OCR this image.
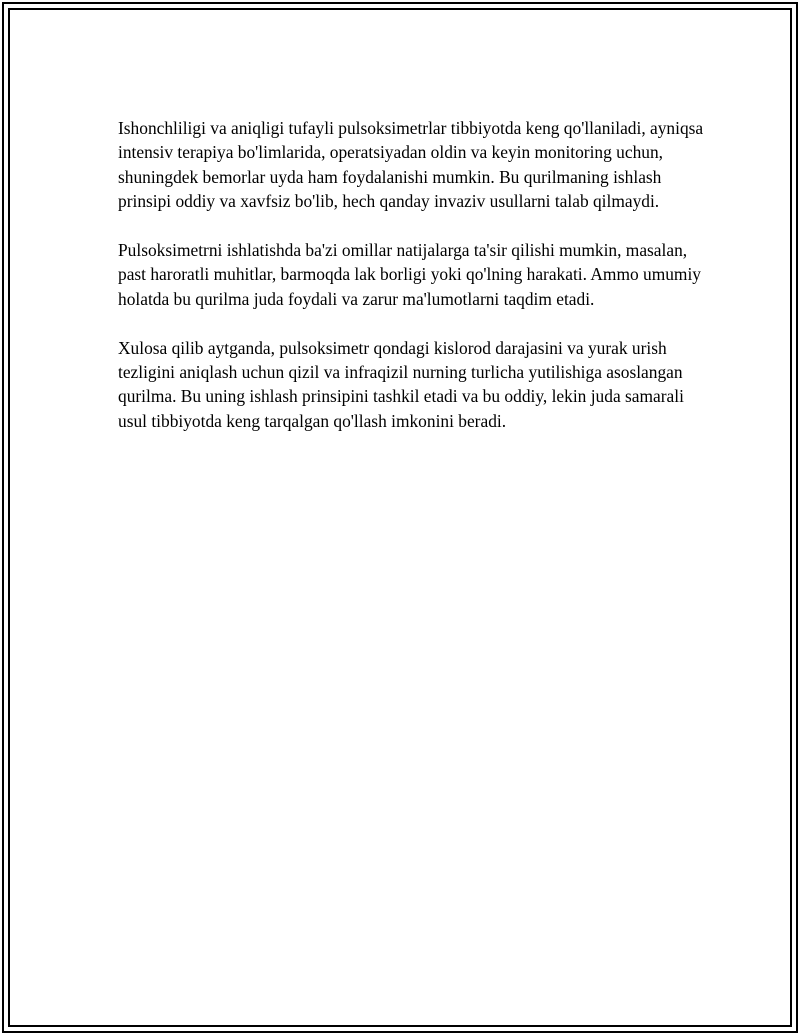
Ishonchliligi va aniqligi tufayli pulsoksimetrlar tibbiyotda keng qo'llaniladi, ayniqsa intensiv terapiya bo'limlarida, operatsiyadan oldin va keyin monitoring uchun, shuningdek bemorlar uyda ham foydalanishi mumkin. Bu qurilmaning ishlash prinsipi oddiy va xavfsiz bo'lib, hech qanday invaziv usullarni talab qilmaydi.

Pulsoksimetrni ishlatishda ba'zi omillar natijalarga ta'sir qilishi mumkin, masalan, past haroratli muhitlar, barmoqda lak borligi yoki qo'lning harakati. Ammo umumiy holatda bu qurilma juda foydali va zarur ma'lumotlarni taqdim etadi.

Xulosa qilib aytganda, pulsoksimetr qondagi kislorod darajasini va yurak urish tezligini aniqlash uchun qizil va infraqizil nurning turlicha yutilishiga asoslangan qurilma. Bu uning ishlash prinsipini tashkil etadi va bu oddiy, lekin juda samarali usul tibbiyotda keng tarqalgan qo'llash imkonini beradi.
